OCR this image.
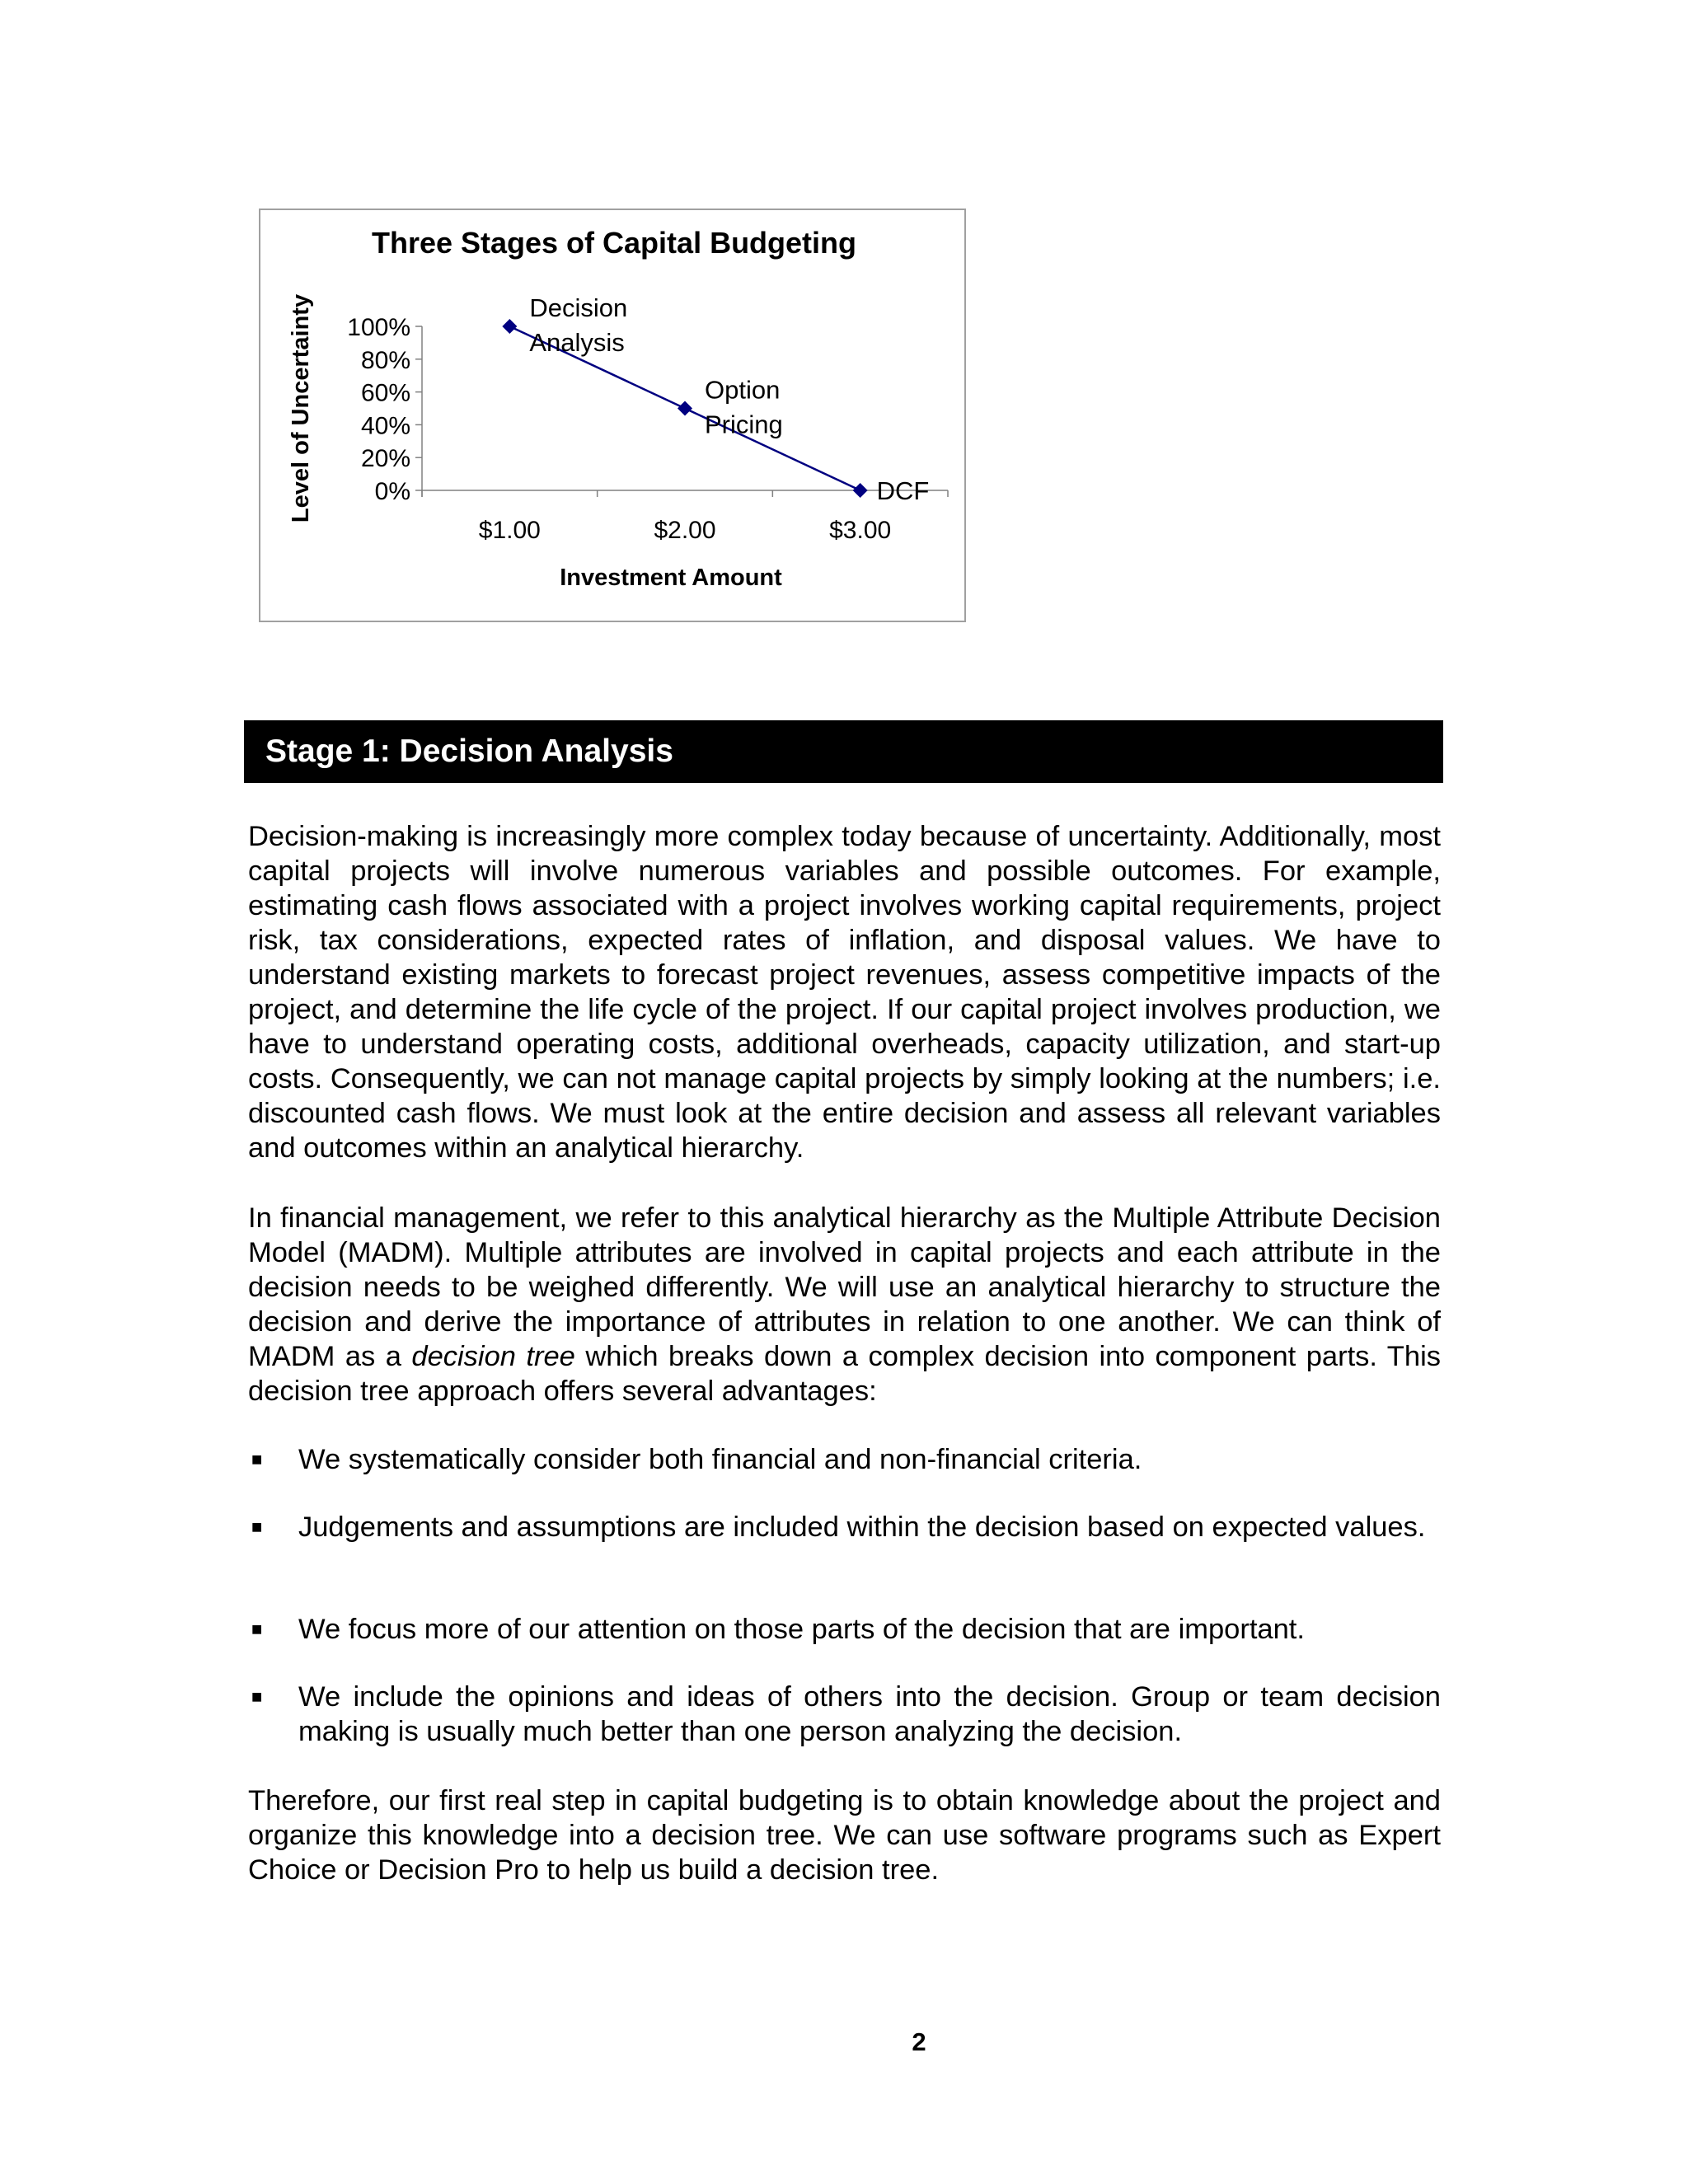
Three Stages of Capital Budgeting
Level of Uncertainty
Investment Amount
0%
20%
40%
60%
80%
100%
$1.00	$2.00	$3.00
Decision
Analysis
Option
Pricing
DCF
Stage 1: Decision Analysis
Decision-making is increasingly more complex today because of uncertainty. Additionally, most capital projects will involve numerous variables and possible outcomes. For example, estimating cash flows associated with a project involves working capital requirements, project risk, tax considerations, expected rates of inflation, and disposal values. We have to understand existing markets to forecast project revenues, assess competitive impacts of the project, and determine the life cycle of the project. If our capital project involves production, we have to understand operating costs, additional overheads, capacity utilization, and start-up costs. Consequently, we can not manage capital projects by simply looking at the numbers; i.e. discounted cash flows. We must look at the entire decision and assess all relevant variables and outcomes within an analytical hierarchy.
In financial management, we refer to this analytical hierarchy as the Multiple Attribute Decision Model (MADM). Multiple attributes are involved in capital projects and each attribute in the decision needs to be weighed differently. We will use an analytical hierarchy to structure the decision and derive the importance of attributes in relation to one another. We can think of MADM as a decision tree which breaks down a complex decision into component parts. This decision tree approach offers several advantages:
■ We systematically consider both financial and non-financial criteria.
■ Judgements and assumptions are included within the decision based on expected values.
■ We focus more of our attention on those parts of the decision that are important.
■ We include the opinions and ideas of others into the decision. Group or team decision making is usually much better than one person analyzing the decision.
Therefore, our first real step in capital budgeting is to obtain knowledge about the project and organize this knowledge into a decision tree. We can use software programs such as Expert Choice or Decision Pro to help us build a decision tree.
2
